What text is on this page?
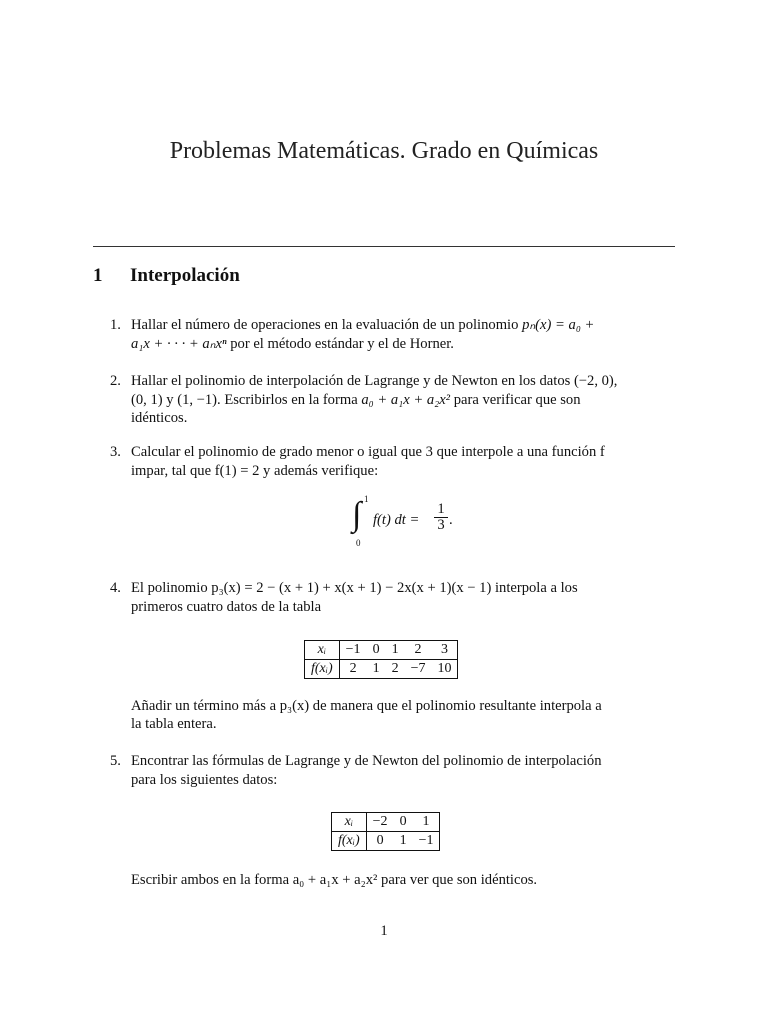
Problemas Matemáticas. Grado en Químicas
1 Interpolación
1. Hallar el número de operaciones en la evaluación de un polinomio pₙ(x) = a₀ +
a₁x + · · · + aₙxⁿ por el método estándar y el de Horner.
2. Hallar el polinomio de interpolación de Lagrange y de Newton en los datos (−2, 0),
(0, 1) y (1, −1). Escribirlos en la forma a₀ + a₁x + a₂x² para verificar que son
idénticos.
3. Calcular el polinomio de grado menor o igual que 3 que interpole a una función f
impar, tal que f(1) = 2 y además verifique:
1
∫
0
f(t) dt = $\frac{1}{3}$ .
4. El polinomio p₃(x) = 2 − (x + 1) + x(x + 1) − 2x(x + 1)(x − 1) interpola a los
primeros cuatro datos de la tabla
xᵢ	−1	0	1	2	3
f(xᵢ)	2	1	2	−7	10
Añadir un término más a p₃(x) de manera que el polinomio resultante interpola a
la tabla entera.
5. Encontrar las fórmulas de Lagrange y de Newton del polinomio de interpolación
para los siguientes datos:
xᵢ	−2	0	1
f(xᵢ)	0	1	−1
Escribir ambos en la forma a₀ + a₁x + a₂x² para ver que son idénticos.
1
